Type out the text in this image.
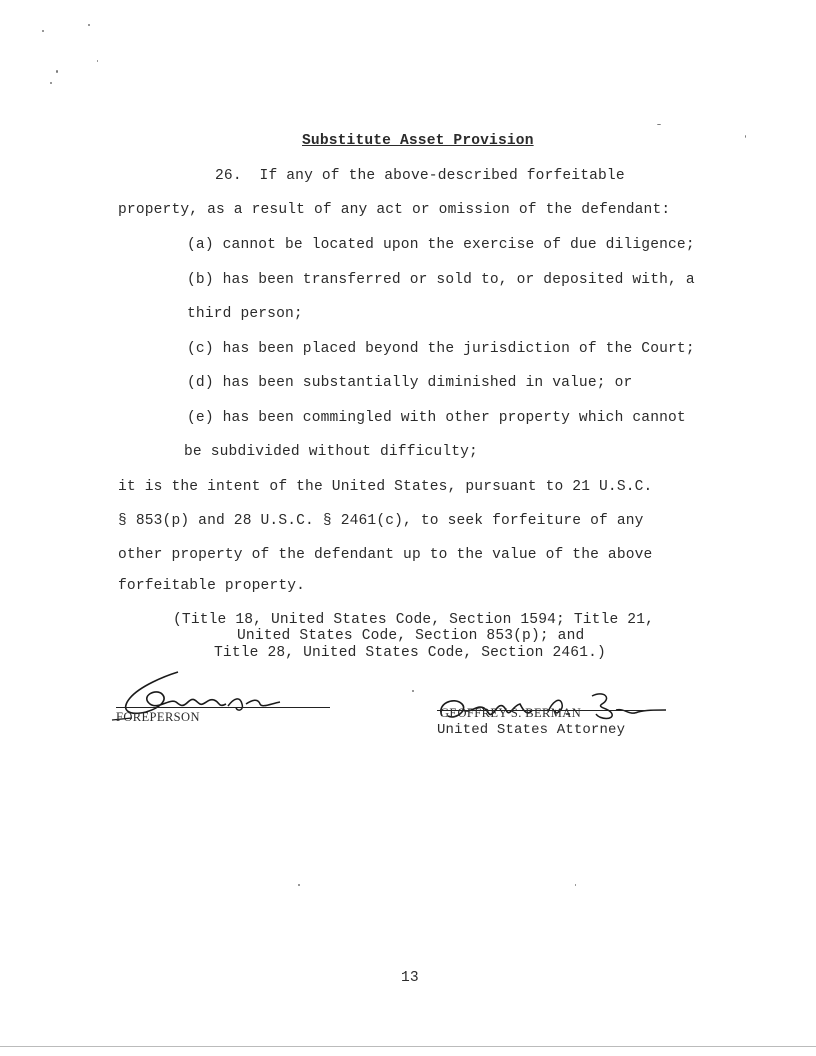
Substitute Asset Provision
26.  If any of the above-described forfeitable
property, as a result of any act or omission of the defendant:
(a) cannot be located upon the exercise of due diligence;
(b) has been transferred or sold to, or deposited with, a
third person;
(c) has been placed beyond the jurisdiction of the Court;
(d) has been substantially diminished in value; or
(e) has been commingled with other property which cannot
be subdivided without difficulty;
it is the intent of the United States, pursuant to 21 U.S.C.
§ 853(p) and 28 U.S.C. § 2461(c), to seek forfeiture of any
other property of the defendant up to the value of the above
forfeitable property.
(Title 18, United States Code, Section 1594; Title 21,
United States Code, Section 853(p); and
Title 28, United States Code, Section 2461.)
FOREPERSON	GEOFFREY S. BERMAN
United States Attorney
13
